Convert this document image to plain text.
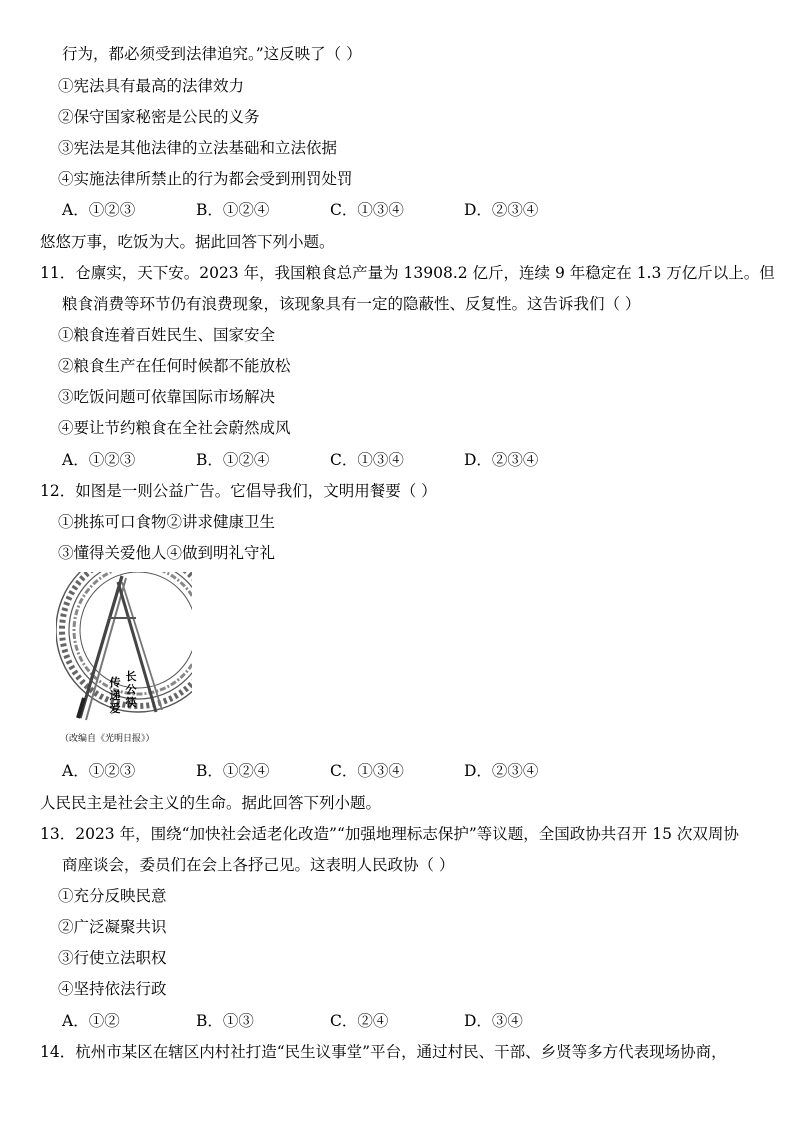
行为，都必须受到法律追究。”这反映了（ ）
①宪法具有最高的法律效力
②保守国家秘密是公民的义务
③宪法是其他法律的立法基础和立法依据
④实施法律所禁止的行为都会受到刑罚处罚
A．①②③	B．①②④	C．①③④	D．②③④
悠悠万事，吃饭为大。据此回答下列小题。
11．仓廪实，天下安。2023 年，我国粮食总产量为 13908.2 亿斤，连续 9 年稳定在 1.3 万亿斤以上。但
粮食消费等环节仍有浪费现象，该现象具有一定的隐蔽性、反复性。这告诉我们（ ）
①粮食连着百姓民生、国家安全
②粮食生产在任何时候都不能放松
③吃饭问题可依靠国际市场解决
④要让节约粮食在全社会蔚然成风
A．①②③	B．①②④	C．①③④	D．②③④
12．如图是一则公益广告。它倡导我们，文明用餐要（ ）
①挑拣可口食物②讲求健康卫生
③懂得关爱他人④做到明礼守礼
传递爱
长公筷
（改编自《光明日报》）
A．①②③	B．①②④	C．①③④	D．②③④
人民民主是社会主义的生命。据此回答下列小题。
13．2023 年，围绕“加快社会适老化改造”“加强地理标志保护”等议题，全国政协共召开 15 次双周协
商座谈会，委员们在会上各抒己见。这表明人民政协（ ）
①充分反映民意
②广泛凝聚共识
③行使立法职权
④坚持依法行政
A．①②	B．①③	C．②④	D．③④
14．杭州市某区在辖区内村社打造“民生议事堂”平台，通过村民、干部、乡贤等多方代表现场协商，
